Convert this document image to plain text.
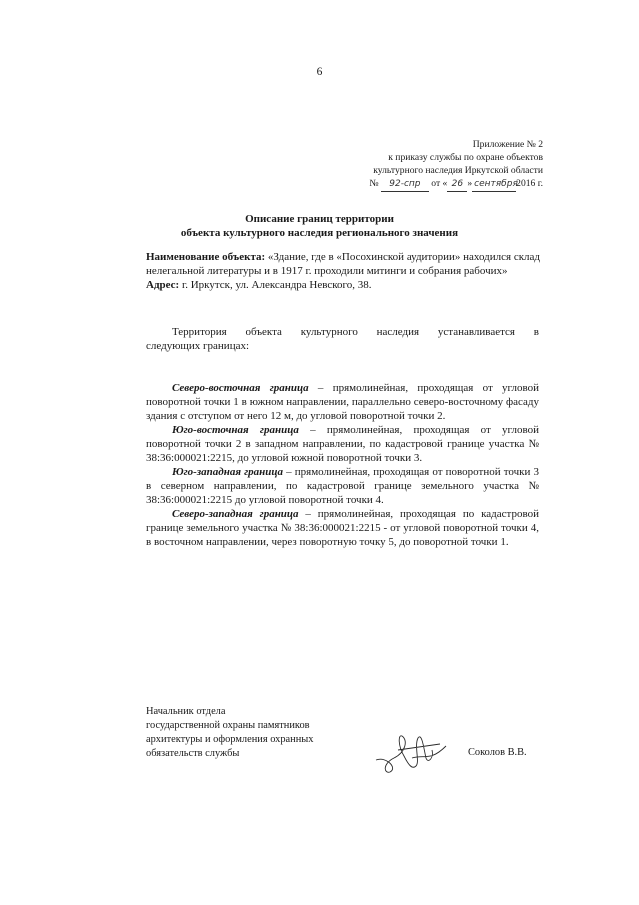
6
Приложение № 2
к приказу службы по охране объектов
культурного наследия Иркутской области
№ 92-спр от « 26 » сентября2016 г.
Описание границ территории
объекта культурного наследия регионального значения
Наименование объекта: «Здание, где в «Посохинской аудитории» находился склад нелегальной литературы и в 1917 г. проходили митинги и собрания рабочих»
Адрес: г. Иркутск, ул. Александра Невского, 38.
Территория объекта культурного наследия устанавливается в
следующих границах:

Северо-восточная граница – прямолинейная, проходящая от угловой поворотной точки 1 в южном направлении, параллельно северо-восточному фасаду здания с отступом от него 12 м, до угловой поворотной точки 2.

Юго-восточная граница – прямолинейная, проходящая от угловой поворотной точки 2 в западном направлении, по кадастровой границе участка № 38:36:000021:2215, до угловой южной поворотной точки 3.

Юго-западная граница – прямолинейная, проходящая от поворотной точки 3 в северном направлении, по кадастровой границе земельного участка № 38:36:000021:2215 до угловой поворотной точки 4.

Северо-западная граница – прямолинейная, проходящая по кадастровой границе земельного участка № 38:36:000021:2215 - от угловой поворотной точки 4, в восточном направлении, через поворотную точку 5, до поворотной точки 1.

Начальник отдела
государственной охраны памятников
архитектуры и оформления охранных
обязательств службы	Соколов В.В.
